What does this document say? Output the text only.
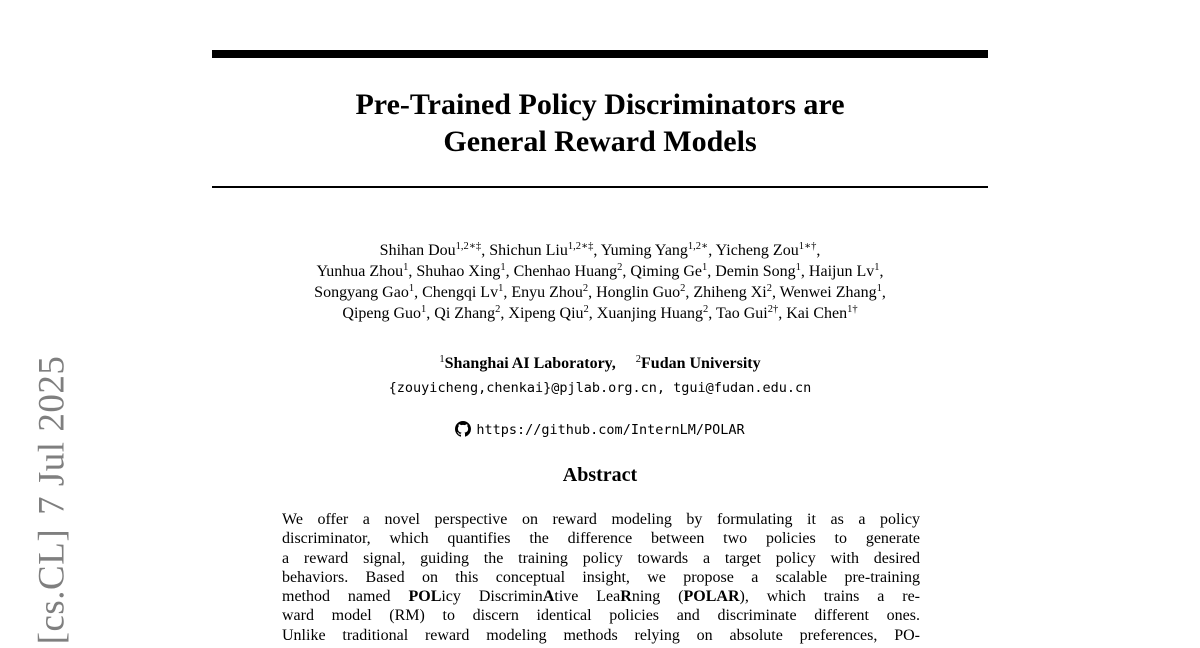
Pre-Trained Policy Discriminators are
General Reward Models
Shihan Dou$^{1,2∗\ddagger}$, Shichun Liu$^{1,2∗\ddagger}$, Yuming Yang$^{1,2∗}$, Yicheng Zou$^{1∗\dagger}$,
Yunhua Zhou$^1$, Shuhao Xing$^1$, Chenhao Huang$^2$, Qiming Ge$^1$, Demin Song$^1$, Haijun Lv$^1$,
Songyang Gao$^1$, Chengqi Lv$^1$, Enyu Zhou$^2$, Honglin Guo$^2$, Zhiheng Xi$^2$, Wenwei Zhang$^1$,
Qipeng Guo$^1$, Qi Zhang$^2$, Xipeng Qiu$^2$, Xuanjing Huang$^2$, Tao Gui$^{2\dagger}$, Kai Chen$^{1\dagger}$
$^1$Shanghai AI Laboratory, $^2$Fudan University
{zouyicheng,chenkai}@pjlab.org.cn, tgui@fudan.edu.cn
https://github.com/InternLM/POLAR
Abstract
We offer a novel perspective on reward modeling by formulating it as a policy
discriminator, which quantifies the difference between two policies to generate
a reward signal, guiding the training policy towards a target policy with desired
behaviors. Based on this conceptual insight, we propose a scalable pre-training
method named POLicy DiscriminAtive LeaRning (POLAR), which trains a re-
ward model (RM) to discern identical policies and discriminate different ones.
Unlike traditional reward modeling methods relying on absolute preferences, PO-
[cs.CL]7 Jul 2025
